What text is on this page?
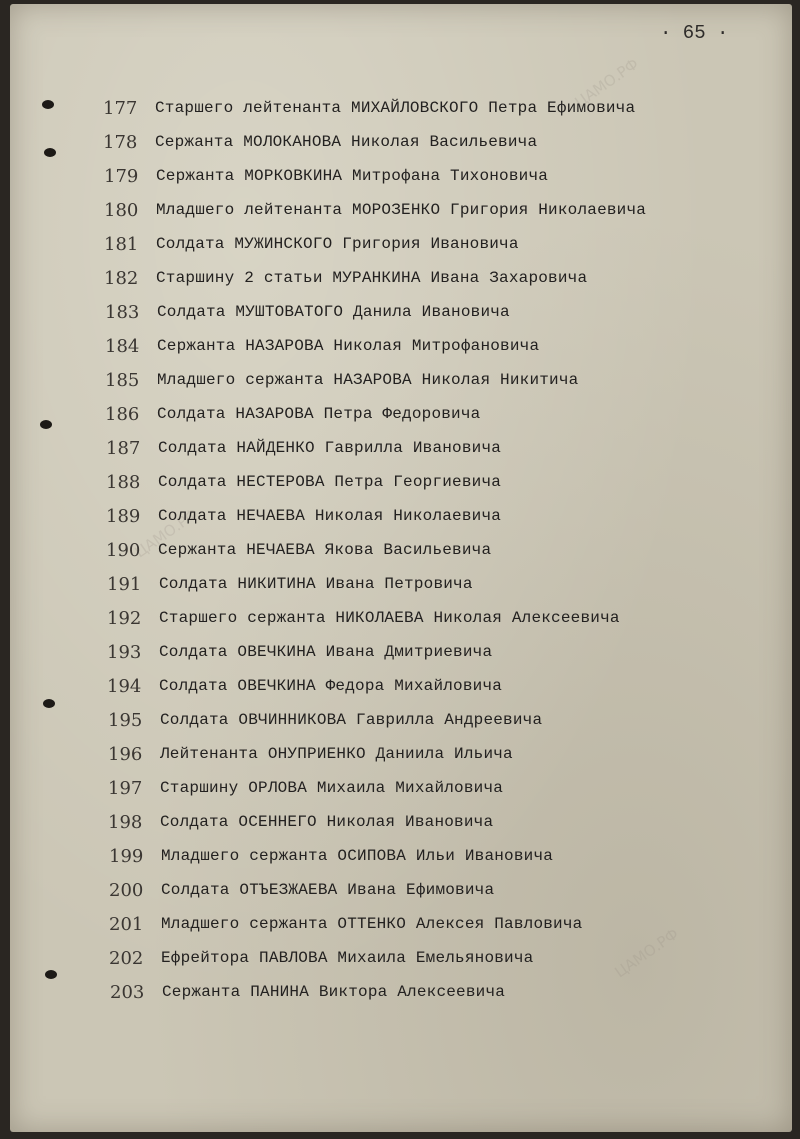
ЦАМО.РФ
ЦАМО.РФ
ЦАМО.РФ
· 65 ·
177 Старшего лейтенанта МИХАЙЛОВСКОГО Петра Ефимовича
178 Сержанта МОЛОКАНОВА Николая Васильевича
179 Сержанта МОРКОВКИНА Митрофана Тихоновича
180 Младшего лейтенанта МОРОЗЕНКО Григория Николаевича
181 Солдата МУЖИНСКОГО Григория Ивановича
182 Старшину 2 статьи МУРАНКИНА Ивана Захаровича
183 Солдата МУШТОВАТОГО Данила Ивановича
184 Сержанта НАЗАРОВА Николая Митрофановича
185 Младшего сержанта НАЗАРОВА Николая Никитича
186 Солдата НАЗАРОВА Петра Федоровича
187 Солдата НАЙДЕНКО Гаврилла Ивановича
188 Солдата НЕСТЕРОВА Петра Георгиевича
189 Солдата НЕЧАЕВА Николая Николаевича
190 Сержанта НЕЧАЕВА Якова Васильевича
191 Солдата НИКИТИНА Ивана Петровича
192 Старшего сержанта НИКОЛАЕВА Николая Алексеевича
193 Солдата ОВЕЧКИНА Ивана Дмитриевича
194 Солдата ОВЕЧКИНА Федора Михайловича
195 Солдата ОВЧИННИКОВА Гаврилла Андреевича
196 Лейтенанта ОНУПРИЕНКО Даниила Ильича
197 Старшину ОРЛОВА Михаила Михайловича
198 Солдата ОСЕННЕГО Николая Ивановича
199 Младшего сержанта ОСИПОВА Ильи Ивановича
200 Солдата ОТЪЕЗЖАЕВА Ивана Ефимовича
201 Младшего сержанта ОТТЕНКО Алексея Павловича
202 Ефрейтора ПАВЛОВА Михаила Емельяновича
203 Сержанта ПАНИНА Виктора Алексеевича
